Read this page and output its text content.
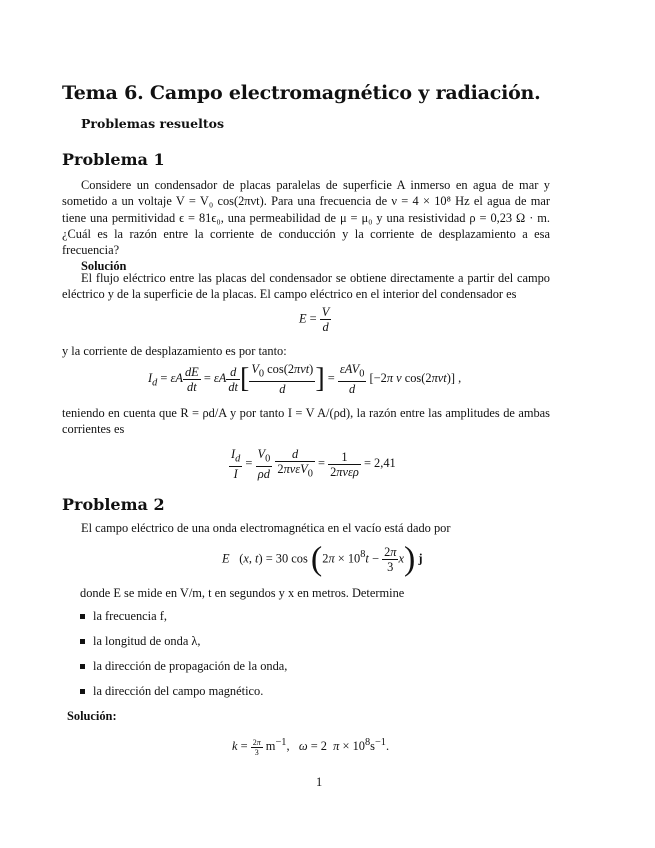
Tema 6. Campo electromagnético y radiación.
Problemas resueltos
Problema 1

Considere un condensador de placas paralelas de superficie A inmerso en agua de mar y sometido a un voltaje V = V₀ cos(2πνt). Para una frecuencia de ν = 4 × 10⁸ Hz el agua de mar tiene una permitividad ϵ = 81ϵ₀, una permeabilidad de μ = μ₀ y una resistividad ρ = 0,23 Ω · m. ¿Cuál es la razón entre la corriente de conducción y la corriente de desplazamiento a esa frecuencia?

Solución

El flujo eléctrico entre las placas del condensador se obtiene directamente a partir del campo eléctrico y de la superficie de la placas. El campo eléctrico en el interior del condensador es

$E = \frac{V}{d}$

y la corriente de desplazamiento es por tanto:

$I_d = \varepsilon A \frac{dE}{dt} = \varepsilon A \frac{d}{dt}$ [ $\frac{V_0 \cos(2\pi\nu t)}{d}$ ] = $\frac{\varepsilon AV_0}{d} [-2\pi$ ν cos(2πνt)] ,

teniendo en cuenta que R = ρd/A y por tanto I = V A/(ρd), la razón entre las amplitudes de ambas corrientes es

$\frac{I_d}{I} = \frac{V_0}{\rho d}$
$\frac{d}{2\pi\nu\varepsilon V_0} = \frac{1}{\text{2πνερ}} = 2,41$
Problema 2

El campo eléctrico de una onda electromagnética en el vacío está dado por

E⃗(x, t) = 30 $\cos (2\pi \times 10^8t - \frac{2\pi}{3} x)$ j⃗

donde E se mide en V/m, t en segundos y x en metros. Determine

la frecuencia f,
la longitud de onda λ,
la dirección de propagación de la onda,
la dirección del campo magnético.
Solución:
$k = \frac{2\pi}{3} m^{-1}$,   ω = 2  $\pi \times 10^8s^{-1}$.
1
